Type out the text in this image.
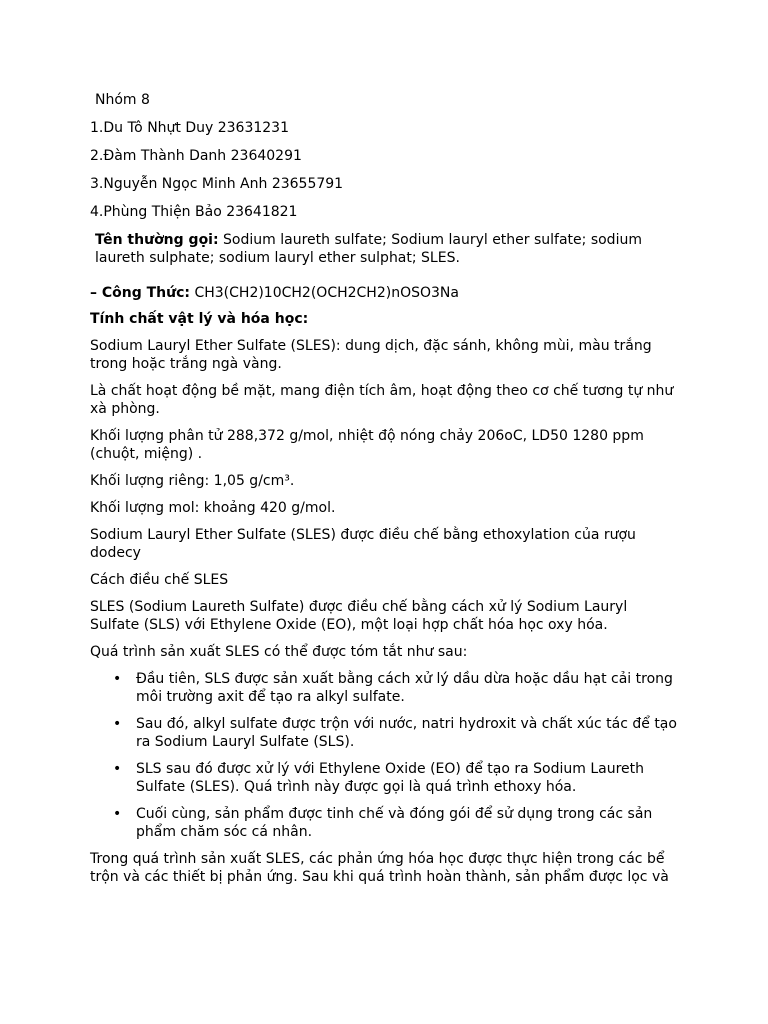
Nhóm 8

1.Du Tô Nhựt Duy 23631231

2.Đàm Thành Danh 23640291

3.Nguyễn Ngọc Minh Anh 23655791

4.Phùng Thiện Bảo 23641821

Tên thường gọi: Sodium laureth sulfate; Sodium lauryl ether sulfate; sodium laureth sulphate; sodium lauryl ether sulphat; SLES.

– Công Thức: CH3(CH2)10CH2(OCH2CH2)nOSO3Na

Tính chất vật lý và hóa học:

Sodium Lauryl Ether Sulfate (SLES): dung dịch, đặc sánh, không mùi, màu trắng trong hoặc trắng ngà vàng.

Là chất hoạt động bề mặt, mang điện tích âm, hoạt động theo cơ chế tương tự như xà phòng.

Khối lượng phân tử 288,372 g/mol, nhiệt độ nóng chảy 206oC, LD50 1280 ppm (chuột, miệng) .

Khối lượng riêng: 1,05 g/cm³.

Khối lượng mol: khoảng 420 g/mol.

Sodium Lauryl Ether Sulfate (SLES) được điều chế bằng ethoxylation của rượu dodecy

Cách điều chế SLES

SLES (Sodium Laureth Sulfate) được điều chế bằng cách xử lý Sodium Lauryl Sulfate (SLS) với Ethylene Oxide (EO), một loại hợp chất hóa học oxy hóa.

Quá trình sản xuất SLES có thể được tóm tắt như sau:

• Đầu tiên, SLS được sản xuất bằng cách xử lý dầu dừa hoặc dầu hạt cải trong môi trường axit để tạo ra alkyl sulfate.
• Sau đó, alkyl sulfate được trộn với nước, natri hydroxit và chất xúc tác để tạo ra Sodium Lauryl Sulfate (SLS).
• SLS sau đó được xử lý với Ethylene Oxide (EO) để tạo ra Sodium Laureth Sulfate (SLES). Quá trình này được gọi là quá trình ethoxy hóa.
• Cuối cùng, sản phẩm được tinh chế và đóng gói để sử dụng trong các sản phẩm chăm sóc cá nhân.

Trong quá trình sản xuất SLES, các phản ứng hóa học được thực hiện trong các bể trộn và các thiết bị phản ứng. Sau khi quá trình hoàn thành, sản phẩm được lọc và
